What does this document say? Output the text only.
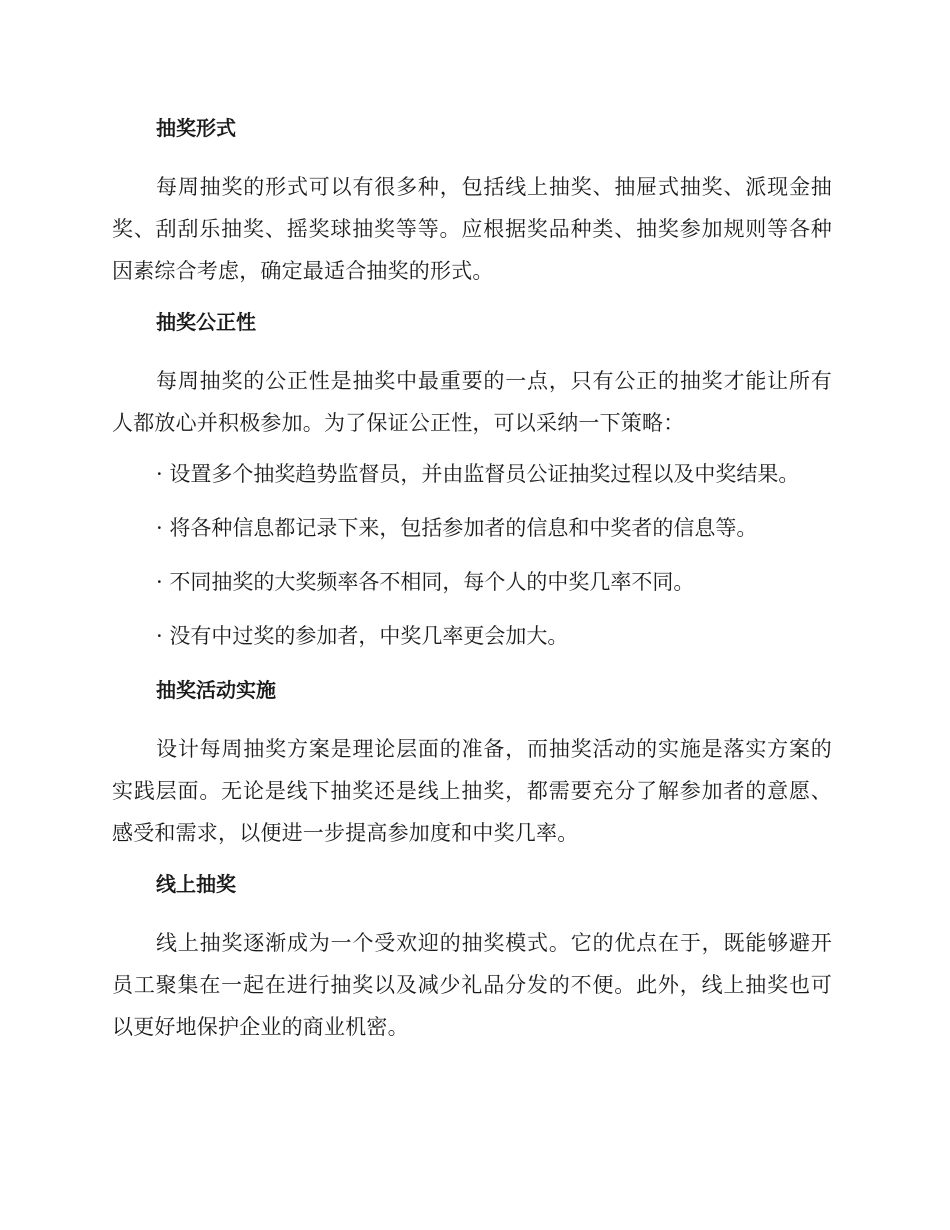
抽奖形式

每周抽奖的形式可以有很多种，包括线上抽奖、抽屉式抽奖、派现金抽奖、刮刮乐抽奖、摇奖球抽奖等等。应根据奖品种类、抽奖参加规则等各种因素综合考虑，确定最适合抽奖的形式。

抽奖公正性

每周抽奖的公正性是抽奖中最重要的一点，只有公正的抽奖才能让所有人都放心并积极参加。为了保证公正性，可以采纳一下策略：

· 设置多个抽奖趋势监督员，并由监督员公证抽奖过程以及中奖结果。
· 将各种信息都记录下来，包括参加者的信息和中奖者的信息等。
· 不同抽奖的大奖频率各不相同，每个人的中奖几率不同。
· 没有中过奖的参加者，中奖几率更会加大。
抽奖活动实施

设计每周抽奖方案是理论层面的准备，而抽奖活动的实施是落实方案的实践层面。无论是线下抽奖还是线上抽奖，都需要充分了解参加者的意愿、感受和需求，以便进一步提高参加度和中奖几率。

线上抽奖

线上抽奖逐渐成为一个受欢迎的抽奖模式。它的优点在于，既能够避开员工聚集在一起在进行抽奖以及减少礼品分发的不便。此外，线上抽奖也可以更好地保护企业的商业机密。
